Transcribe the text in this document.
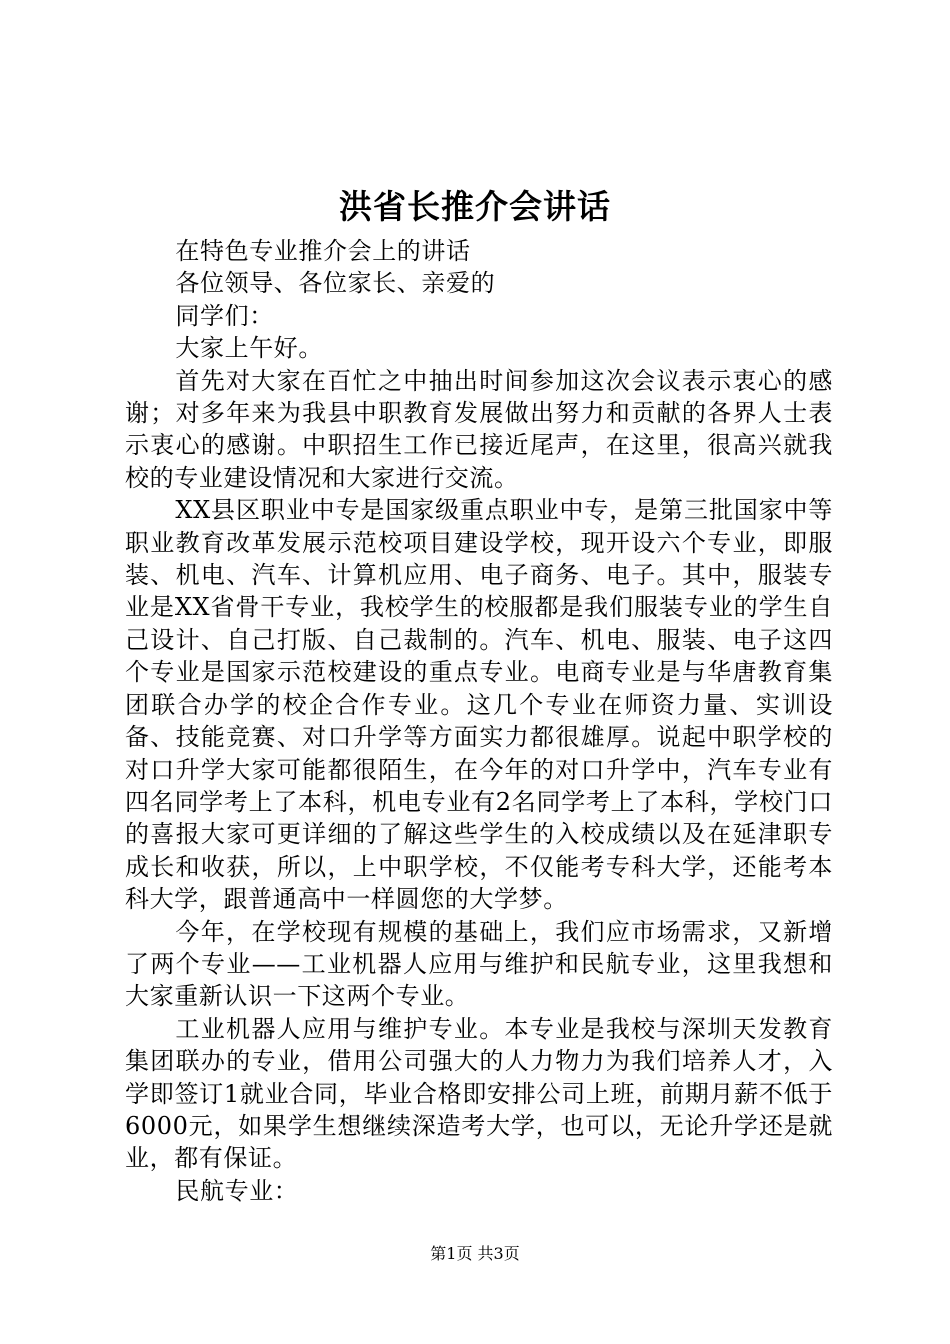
洪省长推介会讲话

在特色专业推介会上的讲话

各位领导、各位家长、亲爱的

同学们：

大家上午好。

首先对大家在百忙之中抽出时间参加这次会议表示衷心的感谢；对多年来为我县中职教育发展做出努力和贡献的各界人士表示衷心的感谢。中职招生工作已接近尾声，在这里，很高兴就我校的专业建设情况和大家进行交流。

XX县区职业中专是国家级重点职业中专，是第三批国家中等职业教育改革发展示范校项目建设学校，现开设六个专业，即服装、机电、汽车、计算机应用、电子商务、电子。其中，服装专业是XX省骨干专业，我校学生的校服都是我们服装专业的学生自己设计、自己打版、自己裁制的。汽车、机电、服装、电子这四个专业是国家示范校建设的重点专业。电商专业是与华唐教育集团联合办学的校企合作专业。这几个专业在师资力量、实训设备、技能竞赛、对口升学等方面实力都很雄厚。说起中职学校的对口升学大家可能都很陌生，在今年的对口升学中，汽车专业有四名同学考上了本科，机电专业有2名同学考上了本科，学校门口的喜报大家可更详细的了解这些学生的入校成绩以及在延津职专成长和收获，所以，上中职学校，不仅能考专科大学，还能考本科大学，跟普通高中一样圆您的大学梦。

今年，在学校现有规模的基础上，我们应市场需求，又新增了两个专业——工业机器人应用与维护和民航专业，这里我想和大家重新认识一下这两个专业。

工业机器人应用与维护专业。本专业是我校与深圳天发教育集团联办的专业，借用公司强大的人力物力为我们培养人才，入学即签订1就业合同，毕业合格即安排公司上班，前期月薪不低于6000元，如果学生想继续深造考大学，也可以，无论升学还是就业，都有保证。

民航专业：

第1页 共3页
